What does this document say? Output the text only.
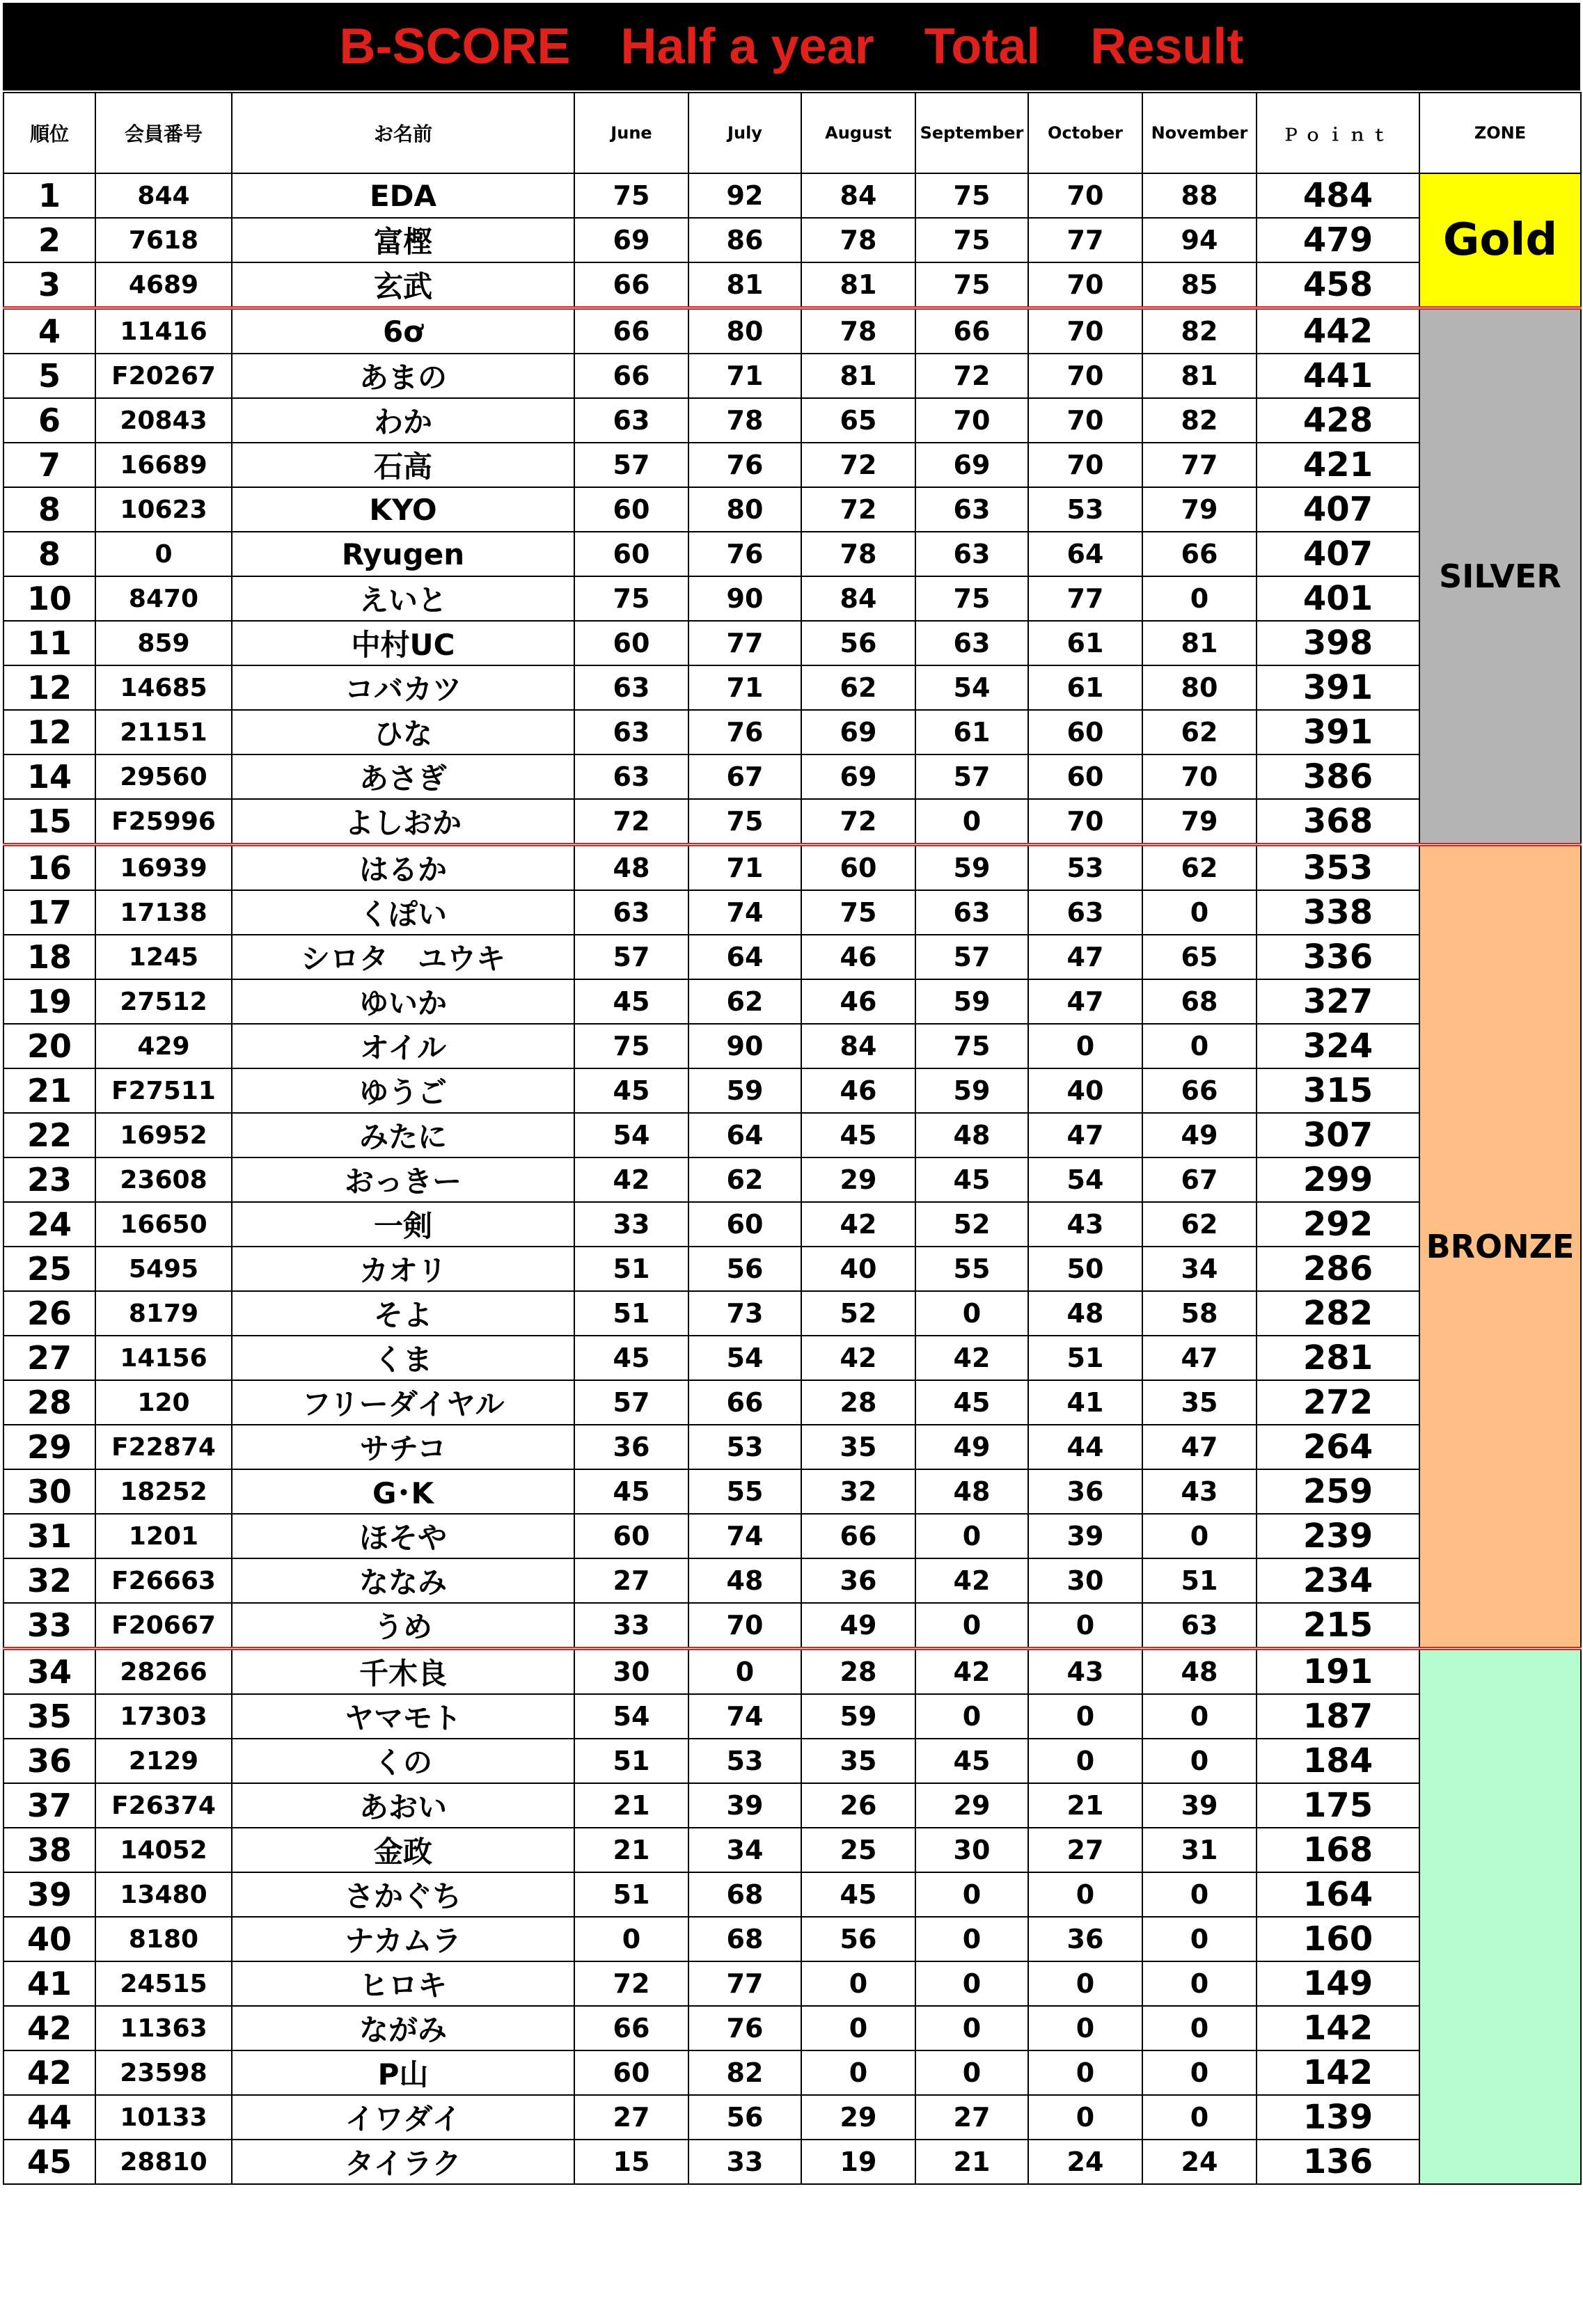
B-SCORE　Half a year　Total　Result
順位	会員番号	お名前	June	July	August	September	October	November	Ｐｏｉｎｔ	ZONE
1	844	EDA	75	92	84	75	70	88	484	Gold
2	7618	富樫	69	86	78	75	77	94	479	
3	4689	玄武	66	81	81	75	70	85	458	
4	11416	6ơ	66	80	78	66	70	82	442	SILVER
5	F20267	あまの	66	71	81	72	70	81	441	
6	20843	わか	63	78	65	70	70	82	428	
7	16689	石高	57	76	72	69	70	77	421	
8	10623	KYO	60	80	72	63	53	79	407	
8	0	Ryugen	60	76	78	63	64	66	407	
10	8470	えいと	75	90	84	75	77	0	401	
11	859	中村UC	60	77	56	63	61	81	398	
12	14685	コバカツ	63	71	62	54	61	80	391	
12	21151	ひな	63	76	69	61	60	62	391	
14	29560	あさぎ	63	67	69	57	60	70	386	
15	F25996	よしおか	72	75	72	0	70	79	368	
16	16939	はるか	48	71	60	59	53	62	353	BRONZE
17	17138	くぽい	63	74	75	63	63	0	338	
18	1245	シロタ　ユウキ	57	64	46	57	47	65	336	
19	27512	ゆいか	45	62	46	59	47	68	327	
20	429	オイル	75	90	84	75	0	0	324	
21	F27511	ゆうご	45	59	46	59	40	66	315	
22	16952	みたに	54	64	45	48	47	49	307	
23	23608	おっきー	42	62	29	45	54	67	299	
24	16650	一剣	33	60	42	52	43	62	292	
25	5495	カオリ	51	56	40	55	50	34	286	
26	8179	そよ	51	73	52	0	48	58	282	
27	14156	くま	45	54	42	42	51	47	281	
28	120	フリーダイヤル	57	66	28	45	41	35	272	
29	F22874	サチコ	36	53	35	49	44	47	264	
30	18252	G･K	45	55	32	48	36	43	259	
31	1201	ほそや	60	74	66	0	39	0	239	
32	F26663	ななみ	27	48	36	42	30	51	234	
33	F20667	うめ	33	70	49	0	0	63	215	
34	28266	千木良	30	0	28	42	43	48	191	
35	17303	ヤマモト	54	74	59	0	0	0	187	
36	2129	くの	51	53	35	45	0	0	184	
37	F26374	あおい	21	39	26	29	21	39	175	
38	14052	金政	21	34	25	30	27	31	168	
39	13480	さかぐち	51	68	45	0	0	0	164	
40	8180	ナカムラ	0	68	56	0	36	0	160	
41	24515	ヒロキ	72	77	0	0	0	0	149	
42	11363	ながみ	66	76	0	0	0	0	142	
42	23598	P山	60	82	0	0	0	0	142	
44	10133	イワダイ	27	56	29	27	0	0	139	
45	28810	タイラク	15	33	19	21	24	24	136	
